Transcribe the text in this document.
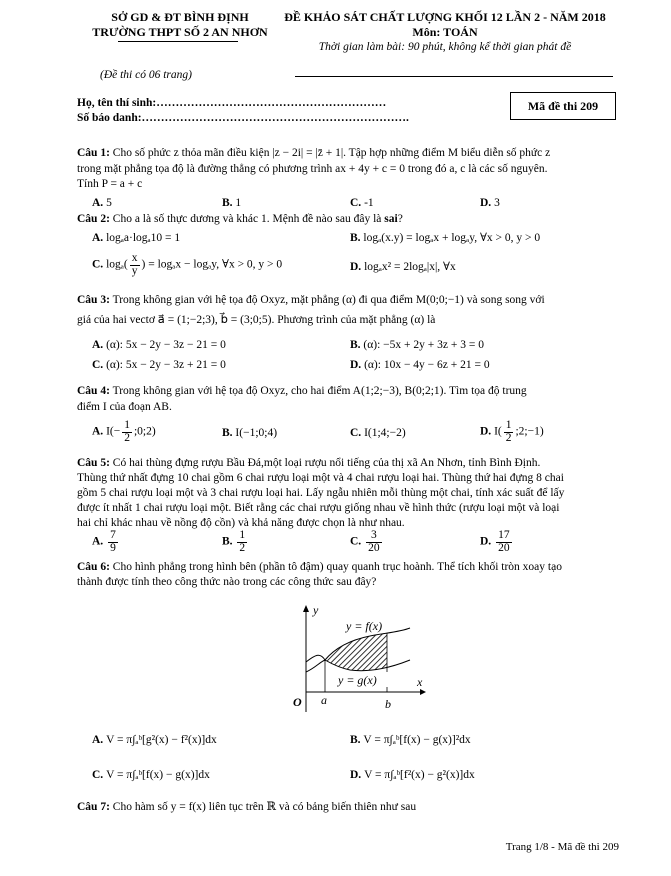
SỞ GD & ĐT BÌNH ĐỊNH
TRƯỜNG THPT SỐ 2 AN NHƠN
(Đề thi có 06 trang)
ĐỀ KHẢO SÁT CHẤT LƯỢNG KHỐI 12 LẦN 2 - NĂM 2018
Môn: TOÁN
Thời gian làm bài: 90 phút, không kể thời gian phát đề
Họ, tên thí sinh:……………………………………………………
Số báo danh:…………………………………………………………….
Mã đề thi 209
Câu 1: Cho số phức z thỏa mãn điều kiện |z − 2i| = |z̄ + 1|. Tập hợp những điểm M biểu diễn số phức z
trong mặt phẳng tọa độ là đường thẳng có phương trình ax + 4y + c = 0 trong đó a, c là các số nguyên.
Tính P = a + c
A. 5	B. 1	C. -1	D. 3
Câu 2: Cho a là số thực dương và khác 1. Mệnh đề nào sau đây là sai?
A. logₐa·logₐ10 = 1	B. logₐ(x.y) = logₐx + logₐy, ∀x > 0, y > 0
C. $\log_a( \frac{x}{y}$ ) = logₐx − logₐy, ∀x > 0, y > 0	D. logₐx² = 2logₐ|x|, ∀x
Câu 3: Trong không gian với hệ tọa độ Oxyz, mặt phẳng (α) đi qua điểm M(0;0;−1) và song song với
giá của hai vectơ a⃗ = (1;−2;3), b⃗ = (3;0;5). Phương trình của mặt phẳng (α) là
A. (α): 5x − 2y − 3z − 21 = 0	B. (α): −5x + 2y + 3z + 3 = 0
C. (α): 5x − 2y − 3z + 21 = 0	D. (α): 10x − 4y − 6z + 21 = 0
Câu 4: Trong không gian với hệ tọa độ Oxyz, cho hai điểm A(1;2;−3), B(0;2;1). Tìm tọa độ trung
điểm I của đoạn AB.
A. $I(- \frac{1}{2}$ ;0;2)	B. I(−1;0;4)	C. I(1;4;−2)	D. $I( \frac{1}{2}$ ;2;−1)
Câu 5: Có hai thùng đựng rượu Bầu Đá,một loại rượu nổi tiếng của thị xã An Nhơn, tỉnh Bình Định.
Thùng thứ nhất đựng 10 chai gồm 6 chai rượu loại một và 4 chai rượu loại hai. Thùng thứ hai đựng 8 chai
gồm 5 chai rượu loại một và 3 chai rượu loại hai. Lấy ngẫu nhiên mỗi thùng một chai, tính xác suất để lấy
được ít nhất 1 chai rượu loại một. Biết rằng các chai rượu giống nhau về hình thức (rượu loại một và loại
hai chỉ khác nhau về nồng độ cồn) và khả năng được chọn là như nhau.
A. $\frac{7}{9}$	B. $\frac{1}{2}$	C. $\frac{3}{20}$	D. $\frac{17}{20}$
Câu 6: Cho hình phẳng trong hình bên (phần tô đậm) quay quanh trục hoành. Thể tích khối tròn xoay tạo
thành được tính theo công thức nào trong các công thức sau đây?
y
x
O a	b
y = f(x)
y = g(x)
A. V = π∫ₐᵇ[g²(x) − f²(x)]dx	B. V = π∫ₐᵇ[f(x) − g(x)]²dx
C. V = π∫ₐᵇ[f(x) − g(x)]dx	D. V = π∫ₐᵇ[f²(x) − g²(x)]dx
Câu 7: Cho hàm số y = f(x) liên tục trên ℝ và có bảng biến thiên như sau
Trang 1/8 - Mã đề thi 209
